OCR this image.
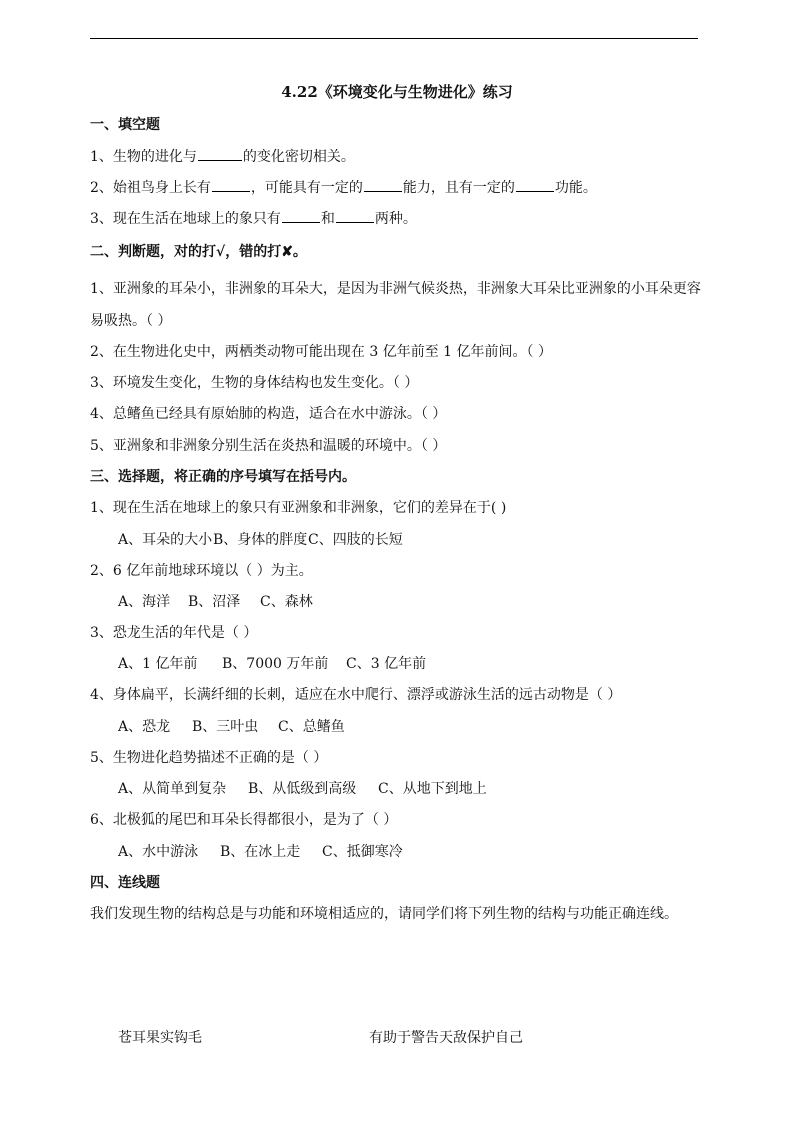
4.22《环境变化与生物进化》练习
一、填空题
1、生物的进化与	的变化密切相关。
2、始祖鸟身上长有	，可能具有一定的	能力，且有一定的	功能。
3、现在生活在地球上的象只有	和	两种。
二、判断题，对的打√，错的打✘。
1、亚洲象的耳朵小，非洲象的耳朵大，是因为非洲气候炎热，非洲象大耳朵比亚洲象的小耳朵更容
易吸热。（ ）
2、在生物进化史中，两栖类动物可能出现在 3 亿年前至 1 亿年前间。（ ）
3、环境发生变化，生物的身体结构也发生变化。（ ）
4、总鳍鱼已经具有原始肺的构造，适合在水中游泳。（ ）
5、亚洲象和非洲象分别生活在炎热和温暖的环境中。（ ）
三、选择题，将正确的序号填写在括号内。
1、现在生活在地球上的象只有亚洲象和非洲象，它们的差异在于( )
A、耳朵的大小B、身体的胖度C、四肢的长短
2、6 亿年前地球环境以（ ）为主。
A、海洋 B、沼泽 C、森林
3、恐龙生活的年代是（ ）
A、1 亿年前 B、7000 万年前 C、3 亿年前
4、身体扁平，长满纤细的长刺，适应在水中爬行、漂浮或游泳生活的远古动物是（ ）
A、恐龙 B、三叶虫 C、总鳍鱼
5、生物进化趋势描述不正确的是（ ）
A、从简单到复杂 B、从低级到高级 C、从地下到地上
6、北极狐的尾巴和耳朵长得都很小，是为了（ ）
A、水中游泳 B、在冰上走 C、抵御寒冷
四、连线题
我们发现生物的结构总是与功能和环境相适应的，请同学们将下列生物的结构与功能正确连线。
苍耳果实钩毛	有助于警告天敌保护自己
